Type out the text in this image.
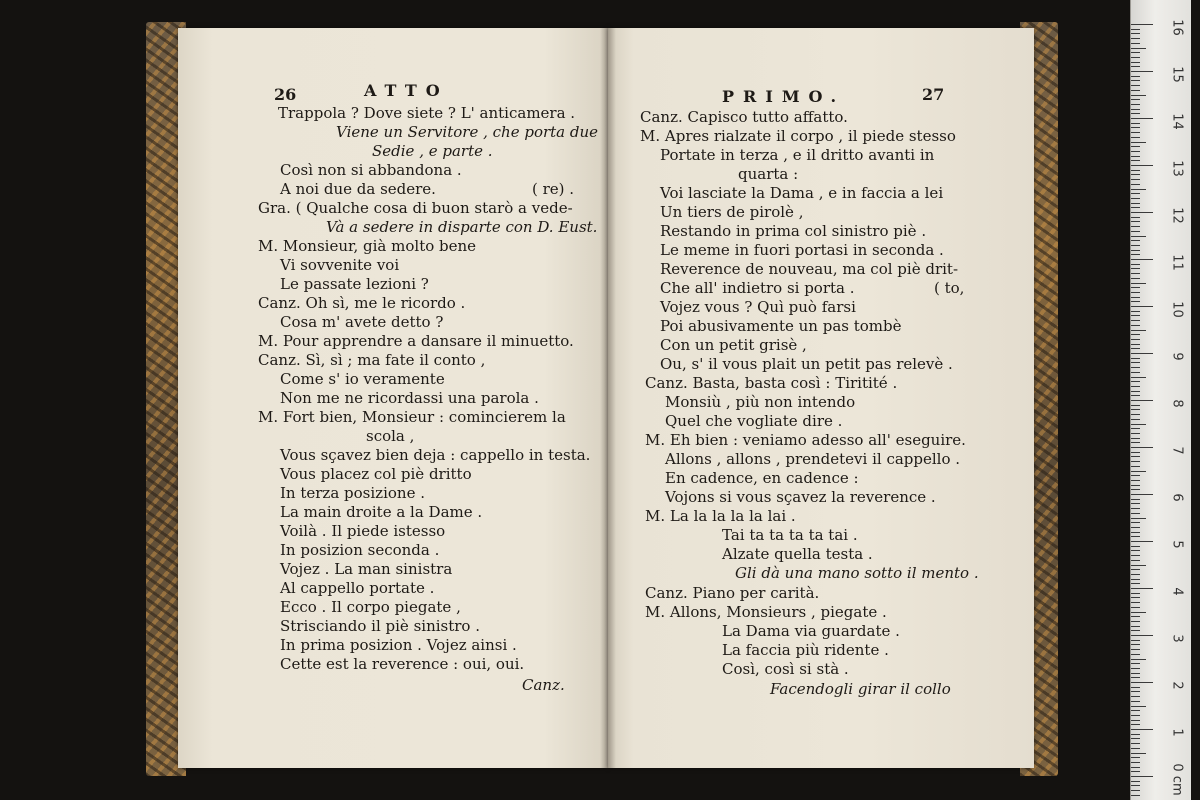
26	ATTO	PRIMO.	27
Trappola ? Dove siete ? L' anticamera .
Viene un Servitore , che porta due
Sedie , e parte .
Così non si abbandona .
A noi due da sedere.	( re) .
Gra. ( Qualche cosa di buon starò a vede-
Và a sedere in disparte con D. Eust.
M. Monsieur, già molto bene
Vi sovvenite voi
Le passate lezioni ?
Canz. Oh sì, me le ricordo .
Cosa m' avete detto ?
M. Pour apprendre a dansare il minuetto.
Canz. Sì, sì ; ma fate il conto ,
Come s' io veramente
Non me ne ricordassi una parola .
M. Fort bien, Monsieur : comincierem la
scola ,
Vous sçavez bien deja : cappello in testa.
Vous placez col piè dritto
In terza posizione .
La main droite a la Dame .
Voilà . Il piede istesso
In posizion seconda .
Vojez . La man sinistra
Al cappello portate .
Ecco . Il corpo piegate ,
Strisciando il piè sinistro .
In prima posizion . Vojez ainsi .
Cette est la reverence : oui, oui.
Canz.
Canz. Capisco tutto affatto.
M. Apres rialzate il corpo , il piede stesso
Portate in terza , e il dritto avanti in
quarta :
Voi lasciate la Dama , e in faccia a lei
Un tiers de pirolè ,
Restando in prima col sinistro piè .
Le meme in fuori portasi in seconda .
Reverence de nouveau, ma col piè drit-
Che all' indietro si porta .	( to,
Vojez vous ? Quì può farsi
Poi abusivamente un pas tombè
Con un petit grisè ,
Ou, s' il vous plait un petit pas relevè .
Canz. Basta, basta così : Tiritité .
Monsiù , più non intendo
Quel che vogliate dire .
M. Eh bien : veniamo adesso all' eseguire.
Allons , allons , prendetevi il cappello .
En cadence, en cadence :
Vojons si vous sçavez la reverence .
M. La la la la la lai .
Tai ta ta ta ta tai .
Alzate quella testa .
Gli dà una mano sotto il mento .
Canz. Piano per carità.
M. Allons, Monsieurs , piegate .
La Dama via guardate .
La faccia più ridente .
Così, così si stà .
Facendogli girar il collo
16
15
14
13
12
11
10
9
8
7
6
5
4
3
2
1
0 cm
